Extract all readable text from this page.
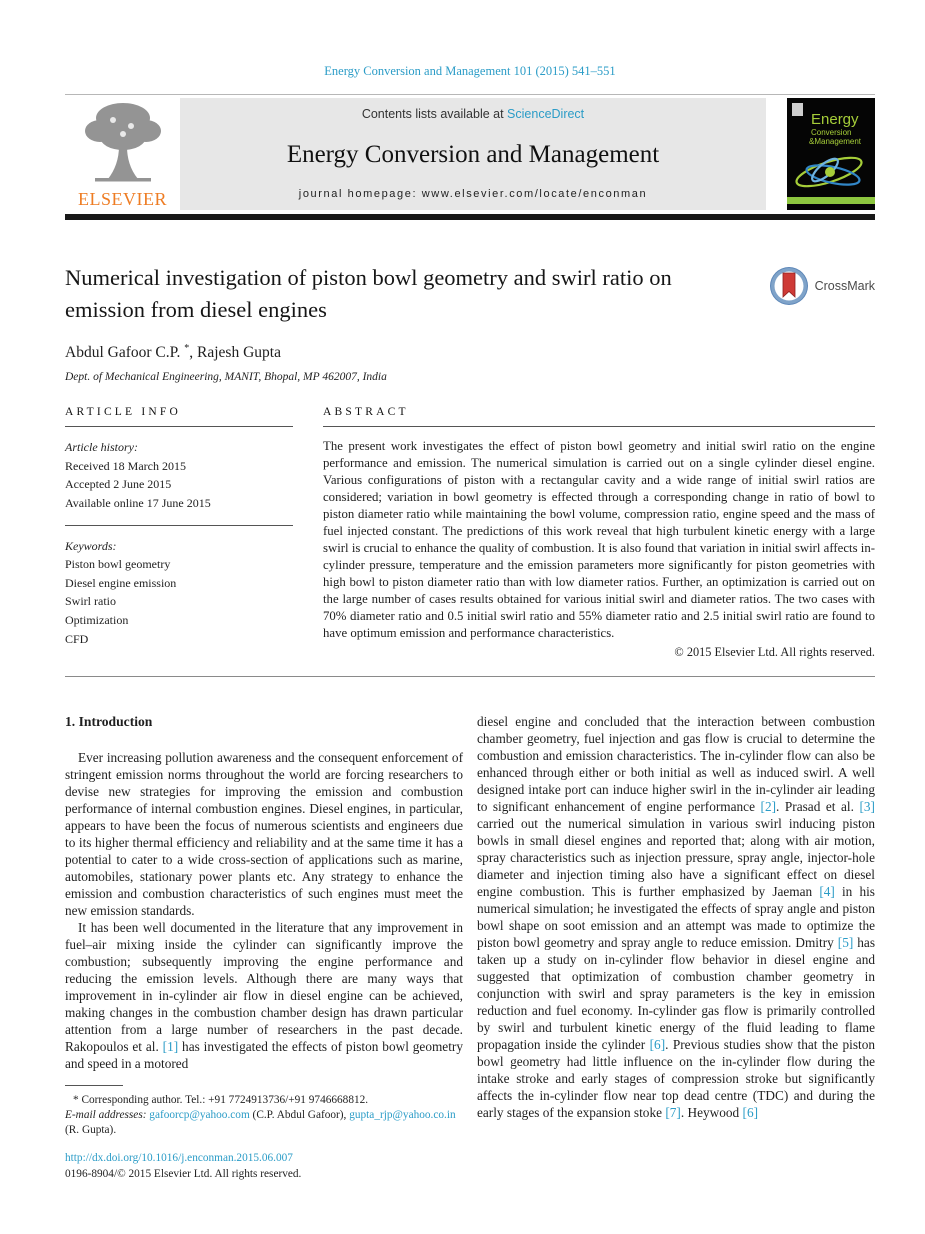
Energy Conversion and Management 101 (2015) 541–551
ELSEVIER
Contents lists available at ScienceDirect
Energy Conversion and Management
journal homepage: www.elsevier.com/locate/enconman
Energy
Conversion
&Management
Numerical investigation of piston bowl geometry and swirl ratio on emission from diesel engines
CrossMark
Abdul Gafoor C.P. *, Rajesh Gupta
Dept. of Mechanical Engineering, MANIT, Bhopal, MP 462007, India
ARTICLE INFO
Article history:
Received 18 March 2015
Accepted 2 June 2015
Available online 17 June 2015
Keywords:
Piston bowl geometry
Diesel engine emission
Swirl ratio
Optimization
CFD
ABSTRACT

The present work investigates the effect of piston bowl geometry and initial swirl ratio on the engine performance and emission. The numerical simulation is carried out on a single cylinder diesel engine. Various configurations of piston with a rectangular cavity and a wide range of initial swirl ratios are considered; variation in bowl geometry is effected through a corresponding change in ratio of bowl to piston diameter ratio while maintaining the bowl volume, compression ratio, engine speed and the mass of fuel injected constant. The predictions of this work reveal that high turbulent kinetic energy with a large swirl is crucial to enhance the quality of combustion. It is also found that variation in initial swirl affects in-cylinder pressure, temperature and the emission parameters more significantly for piston geometries with high bowl to piston diameter ratio than with low diameter ratios. Further, an optimization is carried out on the large number of cases results obtained for various initial swirl and diameter ratios. The two cases with 70% diameter ratio and 0.5 initial swirl ratio and 55% diameter ratio and 2.5 initial swirl ratio are found to have optimum emission and performance characteristics.

© 2015 Elsevier Ltd. All rights reserved.
1. Introduction

Ever increasing pollution awareness and the consequent enforcement of stringent emission norms throughout the world are forcing researchers to devise new strategies for improving the emission and combustion performance of internal combustion engines. Diesel engines, in particular, appears to have been the focus of numerous scientists and engineers due to its higher thermal efficiency and reliability and at the same time it has a potential to cater to a wide cross-section of applications such as marine, automobiles, stationary power plants etc. Any strategy to enhance the emission and combustion characteristics of such engines must meet the new emission standards.

It has been well documented in the literature that any improvement in fuel–air mixing inside the cylinder can significantly improve the combustion; subsequently improving the engine performance and reducing the emission levels. Although there are many ways that improvement in in-cylinder air flow in diesel engine can be achieved, making changes in the combustion chamber design has drawn particular attention from a large number of researchers in the past decade. Rakopoulos et al. [1] has investigated the effects of piston bowl geometry and speed in a motored

* Corresponding author. Tel.: +91 7724913736/+91 9746668812.
E-mail addresses: gafoorcp@yahoo.com (C.P. Abdul Gafoor), gupta_rjp@yahoo.co.in (R. Gupta).
http://dx.doi.org/10.1016/j.enconman.2015.06.007
0196-8904/© 2015 Elsevier Ltd. All rights reserved.

diesel engine and concluded that the interaction between combustion chamber geometry, fuel injection and gas flow is crucial to determine the combustion and emission characteristics. The in-cylinder flow can also be enhanced through either or both initial as well as induced swirl. A well designed intake port can induce higher swirl in the in-cylinder air leading to significant enhancement of engine performance [2]. Prasad et al. [3] carried out the numerical simulation in various swirl inducing piston bowls in small diesel engines and reported that; along with air motion, spray characteristics such as injection pressure, spray angle, injector-hole diameter and injection timing also have a significant effect on diesel engine combustion. This is further emphasized by Jaeman [4] in his numerical simulation; he investigated the effects of spray angle and piston bowl shape on soot emission and an attempt was made to optimize the piston bowl geometry and spray angle to reduce emission. Dmitry [5] has taken up a study on in-cylinder flow behavior in diesel engine and suggested that optimization of combustion chamber geometry in conjunction with swirl and spray parameters is the key in emission reduction and fuel economy. In-cylinder gas flow is primarily controlled by swirl and turbulent kinetic energy of the fluid leading to flame propagation inside the cylinder [6]. Previous studies show that the piston bowl geometry had little influence on the in-cylinder flow during the intake stroke and early stages of compression stroke but significantly affects the in-cylinder flow near top dead centre (TDC) and during the early stages of the expansion stoke [7]. Heywood [6]
